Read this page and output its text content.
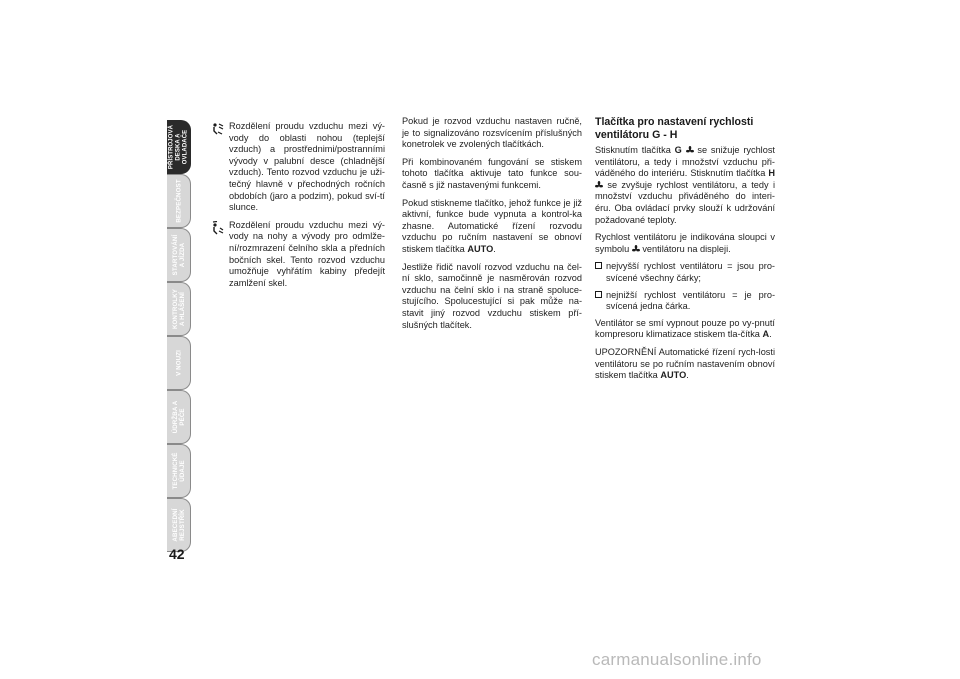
PŘÍSTROJOVÁ
DESKA A
OVLADAČE
BEZPEČNOST
STARTOVÁNÍ
A JÍZDA
KONTROLKY
A HLÁŠENÍ
V NOUZI
ÚDRŽBA A
PÉČE
TECHNICKÉ
ÚDAJE
ABECEDNÍ
REJSTŘÍK
42
Rozdělení proudu vzduchu mezi vý-vody do oblasti nohou (teplejší vzduch) a prostřednimi/postranními vývody v palubní desce (chladnější vzduch). Tento rozvod vzduchu je uži-tečný hlavně v přechodných ročních obdobích (jaro a podzim), pokud sví-tí slunce.
Rozdělení proudu vzduchu mezi vý-vody na nohy a vývody pro odmlže-ní/rozmrazení čelního skla a předních bočních skel. Tento rozvod vzduchu umožňuje vyhřátím kabiny předejít zamlžení skel.

Pokud je rozvod vzduchu nastaven ručně, je to signalizováno rozsvícením příslušných konetrolek ve zvolených tlačítkách.

Při kombinovaném fungování se stiskem tohoto tlačítka aktivuje tato funkce sou-časně s již nastavenými funkcemi.

Pokud stiskneme tlačítko, jehož funkce je již aktivní, funkce bude vypnuta a kontrol-ka zhasne. Automatické řízení rozvodu vzduchu po ručním nastavení se obnoví stiskem tlačítka AUTO.

Jestliže řidič navolí rozvod vzduchu na čel-ní sklo, samočinně je nasměrován rozvod vzduchu na čelní sklo i na straně spoluce-stujícího. Spolucestující si pak může na-stavit jiný rozvod vzduchu stiskem pří-slušných tlačítek.

Tlačítka pro nastavení rychlosti ventilátoru G - H

Stisknutím tlačítka G  se snižuje rychlost ventilátoru, a tedy i množství vzduchu při-váděného do interiéru. Stisknutím tlačítka H  se zvyšuje rychlost ventilátoru, a tedy i množství vzduchu přiváděného do interi-éru. Oba ovládací prvky slouží k udržování požadované teploty.

Rychlost ventilátoru je indikována sloupci v symbolu  ventilátoru na displeji.

nejvyšší rychlost ventilátoru = jsou pro-svícené všechny čárky;
nejnižší rychlost ventilátoru = je pro-svícená jedna čárka.

Ventilátor se smí vypnout pouze po vy-pnutí kompresoru klimatizace stiskem tla-čítka A.

UPOZORNĚNÍ Automatické řízení rych-losti ventilátoru se po ručním nastavením obnoví stiskem tlačítka AUTO.

carmanualsonline.info
